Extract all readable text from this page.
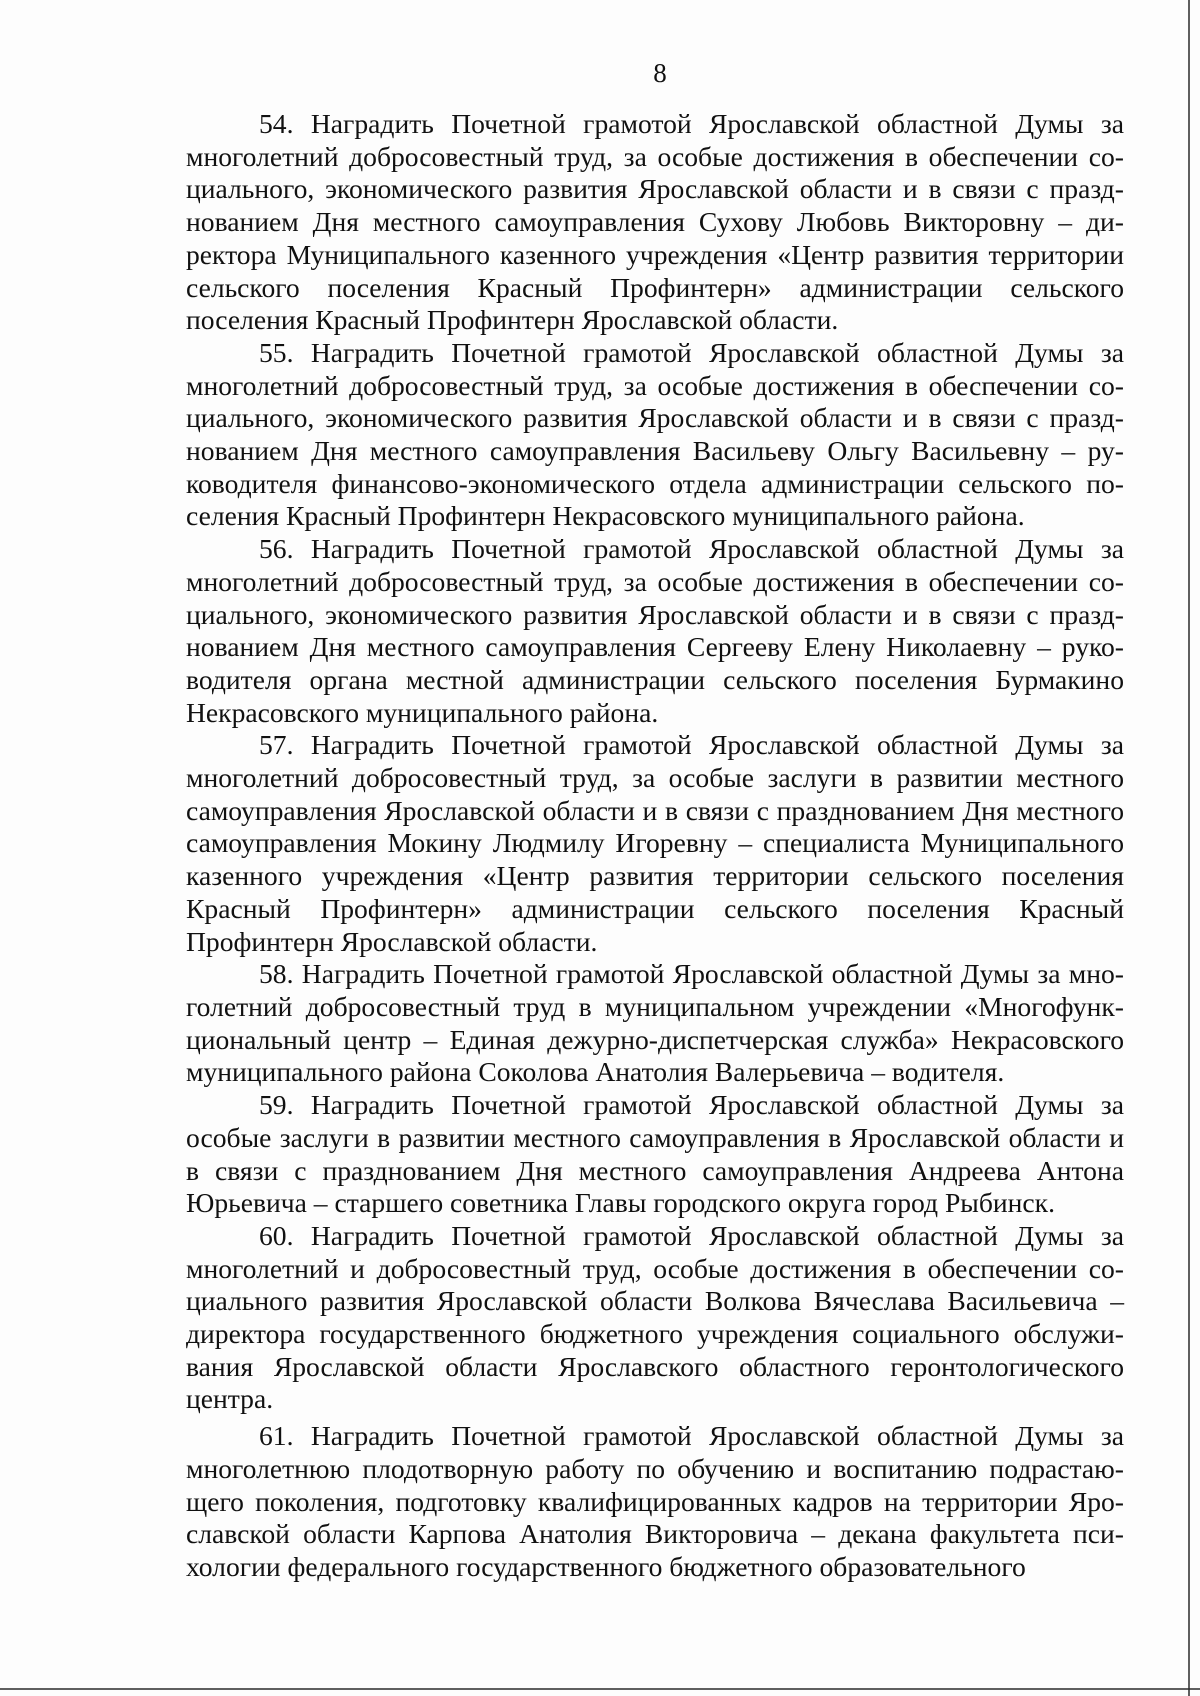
8

54. Наградить Почетной грамотой Ярославской областной Думы за многолетний добросовестный труд, за особые достижения в обеспечении социального, экономического развития Ярославской области и в связи с празднованием Дня местного самоуправления Сухову Любовь Викторовну – директора Муниципального казенного учреждения «Центр развития территории сельского поселения Красный Профинтерн» администрации сельского поселения Красный Профинтерн Ярославской области.

55. Наградить Почетной грамотой Ярославской областной Думы за многолетний добросовестный труд, за особые достижения в обеспечении социального, экономического развития Ярославской области и в связи с празднованием Дня местного самоуправления Васильеву Ольгу Васильевну – руководителя финансово-экономического отдела администрации сельского поселения Красный Профинтерн Некрасовского муниципального района.

56. Наградить Почетной грамотой Ярославской областной Думы за многолетний добросовестный труд, за особые достижения в обеспечении социального, экономического развития Ярославской области и в связи с празднованием Дня местного самоуправления Сергееву Елену Николаевну – руководителя органа местной администрации сельского поселения Бурмакино Некрасовского муниципального района.

57. Наградить Почетной грамотой Ярославской областной Думы за многолетний добросовестный труд, за особые заслуги в развитии местного самоуправления Ярославской области и в связи с празднованием Дня местного самоуправления Мокину Людмилу Игоревну – специалиста Муниципального казенного учреждения «Центр развития территории сельского поселения Красный Профинтерн» администрации сельского поселения Красный Профинтерн Ярославской области.

58. Наградить Почетной грамотой Ярославской областной Думы за многолетний добросовестный труд в муниципальном учреждении «Многофункциональный центр – Единая дежурно-диспетчерская служба» Некрасовского муниципального района Соколова Анатолия Валерьевича – водителя.

59. Наградить Почетной грамотой Ярославской областной Думы за особые заслуги в развитии местного самоуправления в Ярославской области и в связи с празднованием Дня местного самоуправления Андреева Антона Юрьевича – старшего советника Главы городского округа город Рыбинск.

60. Наградить Почетной грамотой Ярославской областной Думы за многолетний и добросовестный труд, особые достижения в обеспечении социального развития Ярославской области Волкова Вячеслава Васильевича – директора государственного бюджетного учреждения социального обслуживания Ярославской области Ярославского областного геронтологического центра.

61. Наградить Почетной грамотой Ярославской областной Думы за многолетнюю плодотворную работу по обучению и воспитанию подрастающего поколения, подготовку квалифицированных кадров на территории Ярославской области Карпова Анатолия Викторовича – декана факультета психологии федерального государственного бюджетного образовательного
